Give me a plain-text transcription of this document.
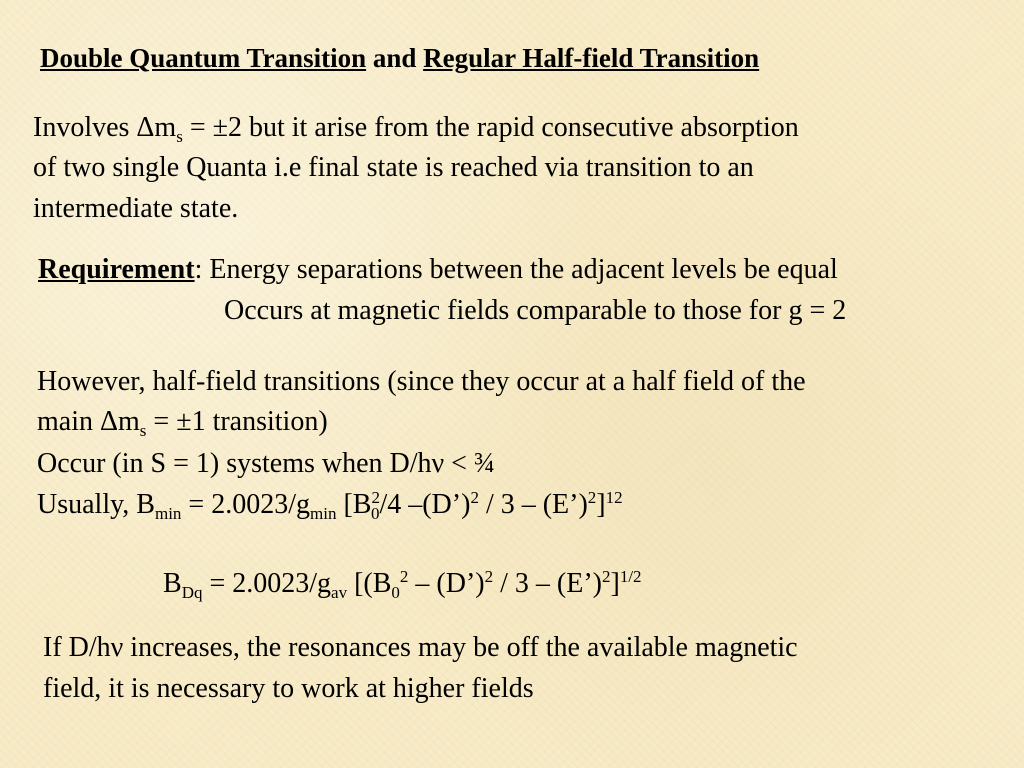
Double Quantum Transition and Regular Half-field Transition
Involves $\Delta m_s = \pm 2$ but it arise from the rapid consecutive absorption
of two single Quanta i.e final state is reached via transition to an
intermediate state.
Requirement: Energy separations between the adjacent levels be equal
Occurs at magnetic fields comparable to those for g = 2
However, half-field transitions (since they occur at a half field of the
main $\Delta m_s = \pm 1$ transition)
Occur (in S = 1) systems when D/hν < ¾
Usually, $B_{min} = 2.0023/g_{min}$ [$B^2_0/4$ –(D’)$^2$ / 3 – (E’)$^2$]$^{12}$
$B_{Dq} = 2.0023/g_{av}$ [($B_0^2$ – (D’)$^2$ / 3 – (E’)$^2$]$^{1/2}$
If D/hν increases, the resonances may be off the available magnetic
field, it is necessary to work at higher fields
